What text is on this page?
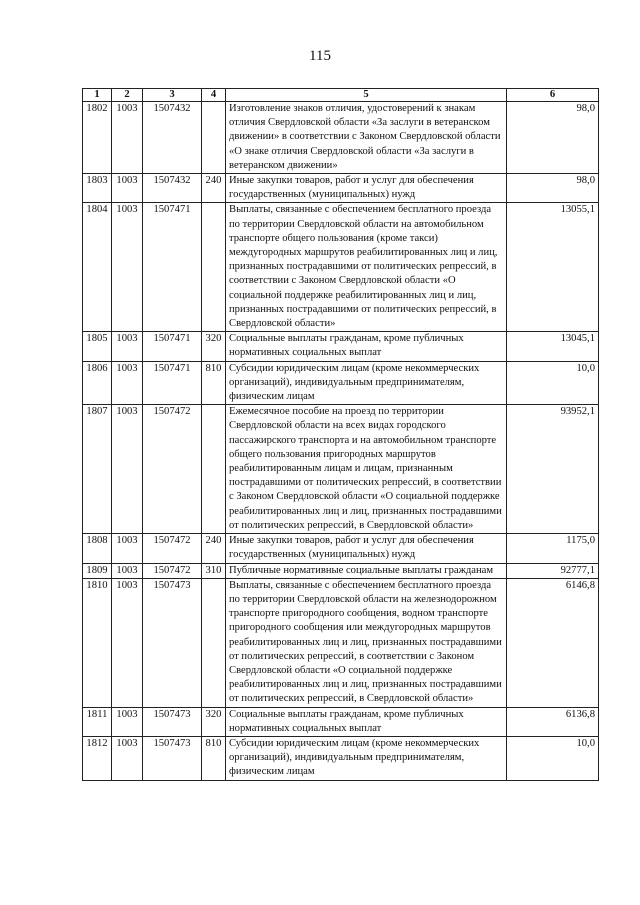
115
1	2	3	4	5	6
1802	1003	1507432		Изготовление знаков отличия, удостоверений к знакам отличия Свердловской области «За заслуги в ветеранском движении» в соответствии с Законом Свердловской области «О знаке отличия Свердловской области «За заслуги в ветеранском движении»	98,0
1803	1003	1507432	240	Иные закупки товаров, работ и услуг для обеспечения государственных (муниципальных) нужд	98,0
1804	1003	1507471		Выплаты, связанные с обеспечением бесплатного проезда по территории Свердловской области на автомобильном транспорте общего пользования (кроме такси) междугородных маршрутов реабилитированных лиц и лиц, признанных пострадавшими от политических репрессий, в соответствии с Законом Свердловской области «О социальной поддержке реабилитированных лиц и лиц, признанных пострадавшими от политических репрессий, в Свердловской области»	13055,1
1805	1003	1507471	320	Социальные выплаты гражданам, кроме публичных нормативных социальных выплат	13045,1
1806	1003	1507471	810	Субсидии юридическим лицам (кроме некоммерческих организаций), индивидуальным предпринимателям, физическим лицам	10,0
1807	1003	1507472		Ежемесячное пособие на проезд по территории Свердловской области на всех видах городского пассажирского транспорта и на автомобильном транспорте общего пользования пригородных маршрутов реабилитированным лицам и лицам, признанным пострадавшими от политических репрессий, в соответствии с Законом Свердловской области «О социальной поддержке реабилитированных лиц и лиц, признанных пострадавшими от политических репрессий, в Свердловской области»	93952,1
1808	1003	1507472	240	Иные закупки товаров, работ и услуг для обеспечения государственных (муниципальных) нужд	1175,0
1809	1003	1507472	310	Публичные нормативные социальные выплаты гражданам	92777,1
1810	1003	1507473		Выплаты, связанные с обеспечением бесплатного проезда по территории Свердловской области на железнодорожном транспорте пригородного сообщения, водном транспорте пригородного сообщения или междугородных маршрутов реабилитированных лиц и лиц, признанных пострадавшими от политических репрессий, в соответствии с Законом Свердловской области «О социальной поддержке реабилитированных лиц и лиц, признанных пострадавшими от политических репрессий, в Свердловской области»	6146,8
1811	1003	1507473	320	Социальные выплаты гражданам, кроме публичных нормативных социальных выплат	6136,8
1812	1003	1507473	810	Субсидии юридическим лицам (кроме некоммерческих организаций), индивидуальным предпринимателям, физическим лицам	10,0
